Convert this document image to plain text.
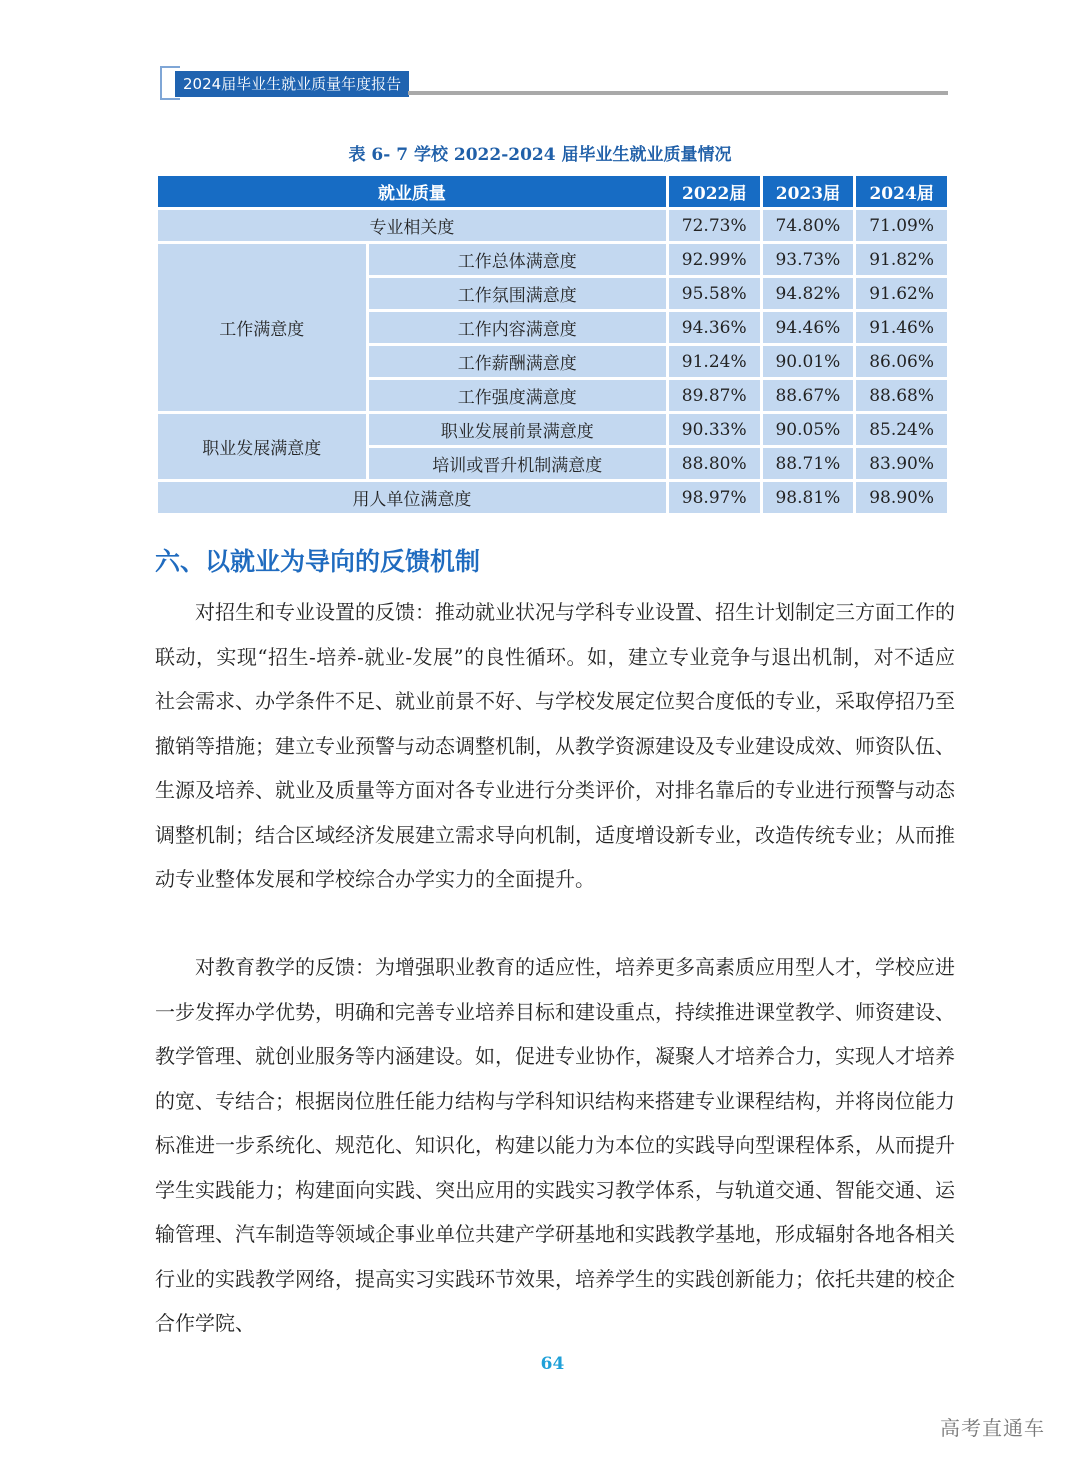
2024届毕业生就业质量年度报告
表 6- 7 学校 2022-2024 届毕业生就业质量情况
就业质量		2022届	2023届	2024届
专业相关度		72.73%	74.80%	71.09%
工作满意度	工作总体满意度	92.99%	93.73%	91.82%
	工作氛围满意度	95.58%	94.82%	91.62%
	工作内容满意度	94.36%	94.46%	91.46%
	工作薪酬满意度	91.24%	90.01%	86.06%
	工作强度满意度	89.87%	88.67%	88.68%
职业发展满意度	职业发展前景满意度	90.33%	90.05%	85.24%
	培训或晋升机制满意度	88.80%	88.71%	83.90%
用人单位满意度		98.97%	98.81%	98.90%
六、以就业为导向的反馈机制

对招生和专业设置的反馈：推动就业状况与学科专业设置、招生计划制定三方面工作的联动，实现“招生-培养-就业-发展”的良性循环。如，建立专业竞争与退出机制，对不适应社会需求、办学条件不足、就业前景不好、与学校发展定位契合度低的专业，采取停招乃至撤销等措施；建立专业预警与动态调整机制，从教学资源建设及专业建设成效、师资队伍、生源及培养、就业及质量等方面对各专业进行分类评价，对排名靠后的专业进行预警与动态调整机制；结合区域经济发展建立需求导向机制，适度增设新专业，改造传统专业；从而推动专业整体发展和学校综合办学实力的全面提升。

对教育教学的反馈：为增强职业教育的适应性，培养更多高素质应用型人才，学校应进一步发挥办学优势，明确和完善专业培养目标和建设重点，持续推进课堂教学、师资建设、教学管理、就创业服务等内涵建设。如，促进专业协作，凝聚人才培养合力，实现人才培养的宽、专结合；根据岗位胜任能力结构与学科知识结构来搭建专业课程结构，并将岗位能力标准进一步系统化、规范化、知识化，构建以能力为本位的实践导向型课程体系，从而提升学生实践能力；构建面向实践、突出应用的实践实习教学体系，与轨道交通、智能交通、运输管理、汽车制造等领域企事业单位共建产学研基地和实践教学基地，形成辐射各地各相关行业的实践教学网络，提高实习实践环节效果，培养学生的实践创新能力；依托共建的校企合作学院、

64
高考直通车
